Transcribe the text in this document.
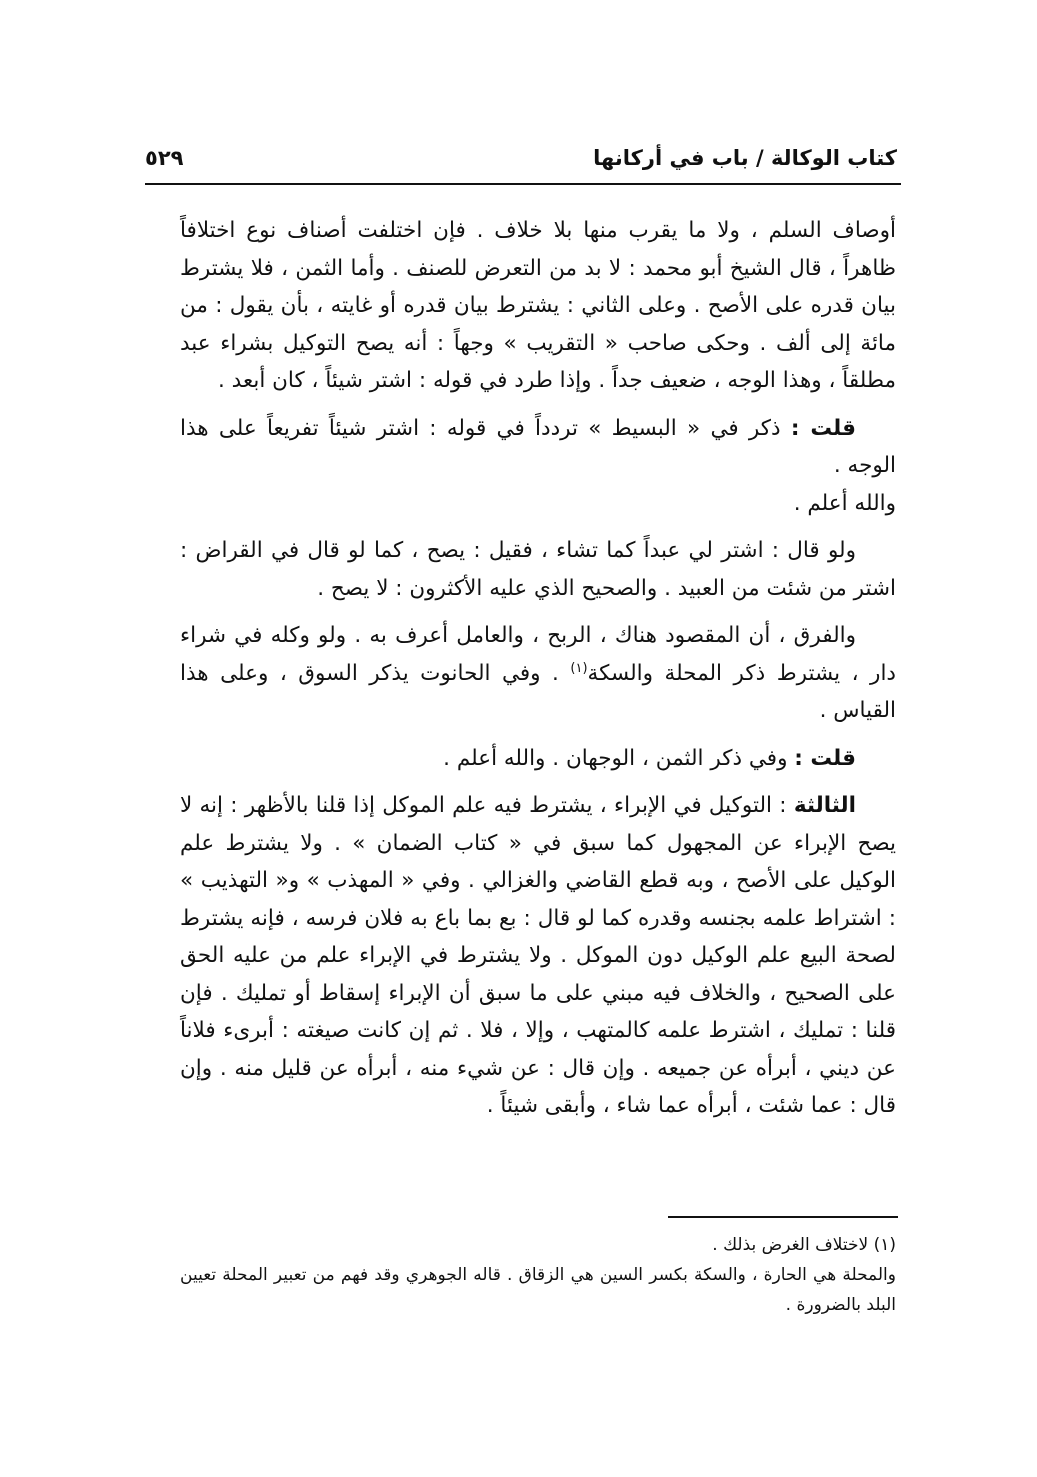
كتاب الوكالة / باب في أركانها
٥٢٩

أوصاف السلم ، ولا ما يقرب منها بلا خلاف . فإن اختلفت أصناف نوع اختلافاً ظاهراً ، قال الشيخ أبو محمد : لا بد من التعرض للصنف . وأما الثمن ، فلا يشترط بيان قدره على الأصح . وعلى الثاني : يشترط بيان قدره أو غايته ، بأن يقول : من مائة إلى ألف . وحكى صاحب « التقريب » وجهاً : أنه يصح التوكيل بشراء عبد مطلقاً ، وهذا الوجه ، ضعيف جداً . وإذا طرد في قوله : اشتر شيئاً ، كان أبعد .

قلت : ذكر في « البسيط » تردداً في قوله : اشتر شيئاً تفريعاً على هذا الوجه .
والله أعلم .

ولو قال : اشتر لي عبداً كما تشاء ، فقيل : يصح ، كما لو قال في القراض : اشتر من شئت من العبيد . والصحيح الذي عليه الأكثرون : لا يصح .

والفرق ، أن المقصود هناك ، الربح ، والعامل أعرف به . ولو وكله في شراء دار ، يشترط ذكر المحلة والسكة$^{(١)}$ . وفي الحانوت يذكر السوق ، وعلى هذا القياس .

قلت : وفي ذكر الثمن ، الوجهان . والله أعلم .

الثالثة : التوكيل في الإبراء ، يشترط فيه علم الموكل إذا قلنا بالأظهر : إنه لا يصح الإبراء عن المجهول كما سبق في « كتاب الضمان » . ولا يشترط علم الوكيل على الأصح ، وبه قطع القاضي والغزالي . وفي « المهذب » و« التهذيب » : اشتراط علمه بجنسه وقدره كما لو قال : بع بما باع به فلان فرسه ، فإنه يشترط لصحة البيع علم الوكيل دون الموكل . ولا يشترط في الإبراء علم من عليه الحق على الصحيح ، والخلاف فيه مبني على ما سبق أن الإبراء إسقاط أو تمليك . فإن قلنا : تمليك ، اشترط علمه كالمتهب ، وإلا ، فلا . ثم إن كانت صيغته : أبرىء فلاناً عن ديني ، أبرأه عن جميعه . وإن قال : عن شيء منه ، أبرأه عن قليل منه . وإن قال : عما شئت ، أبرأه عما شاء ، وأبقى شيئاً .

(١) لاختلاف الغرض بذلك .

والمحلة هي الحارة ، والسكة بكسر السين هي الزقاق . قاله الجوهري وقد فهم من تعبير المحلة تعيين البلد بالضرورة .
